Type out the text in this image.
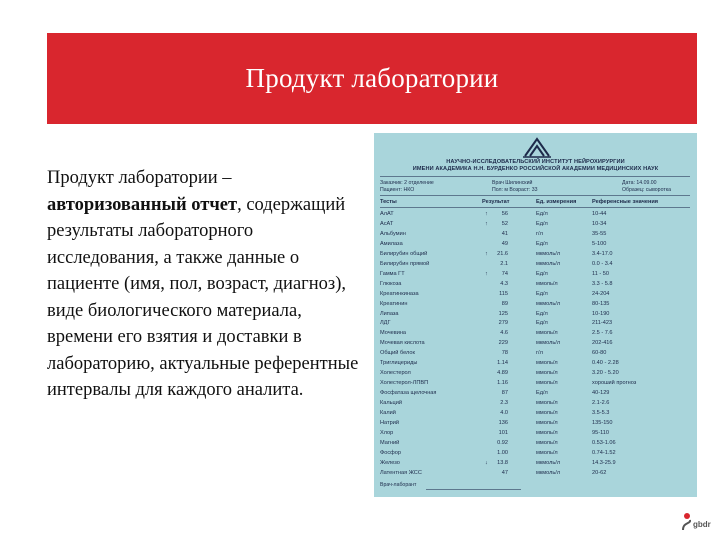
Продукт лаборатории
Продукт лаборатории – авторизованный отчет, содержащий результаты лабораторного исследования, а также данные о пациенте (имя, пол, возраст, диагноз), виде биологического материала, времени его взятия и доставки в лабораторию, актуальные референтные интервалы для каждого аналита.
НАУЧНО-ИССЛЕДОВАТЕЛЬСКИЙ ИНСТИТУТ НЕЙРОХИРУРГИИ
ИМЕНИ АКАДЕМИКА Н.Н. БУРДЕНКО РОССИЙСКОЙ АКАДЕМИИ МЕДИЦИНСКИХ НАУК
Заказчик: 2 отделение
Пациент: НКО
Врач Шилинский
Пол: м Возраст: 33
Дата: 14.09.00
Образец: сыворотка
Тесты	Результат	Ед. измерения	Референсные значения
АлАТ	↑ 56	Ед/л	10-44
АсАТ	↑ 52	Ед/л	10-34
Альбумин	41	г/л	35-55
Амилаза	49	Ед/л	5-100
Билирубин общий	↑ 21.6	мкмоль/л	3.4-17.0
Билирубин прямой	2.1	мкмоль/л	0.0 - 3.4
Гамма ГТ	↑ 74	Ед/л	11 - 50
Глюкоза	4.3	ммоль/л	3.3 - 5.8
Креатинкиназа	115	Ед/л	24-204
Креатинин	89	мкмоль/л	80-135
Липаза	125	Ед/л	10-190
ЛДГ	279	Ед/л	211-423
Мочевина	4.6	ммоль/л	2.5 - 7.6
Мочевая кислота	229	мкмоль/л	202-416
Общий белок	78	г/л	60-80
Триглицериды	1.14	ммоль/л	0.40 - 2.28
Холестерол	4.89	ммоль/л	3.20 - 5.20
Холестерол-ЛПВП	1.16	ммоль/л	хороший прогноз
Фосфатаза щелочная	87	Ед/л	40-129
Кальций	2.3	ммоль/л	2.1-2.6
Калий	4.0	ммоль/л	3.5-5.3
Натрий	136	ммоль/л	135-150
Хлор	101	ммоль/л	95-110
Магний	0.92	ммоль/л	0.53-1.06
Фосфор	1.00	ммоль/л	0.74-1.52
Железо	↓ 13.8	мкмоль/л	14.3-25.9
Латентная ЖСС	47	мкмоль/л	20-62
Врач-лаборант
gbdr
